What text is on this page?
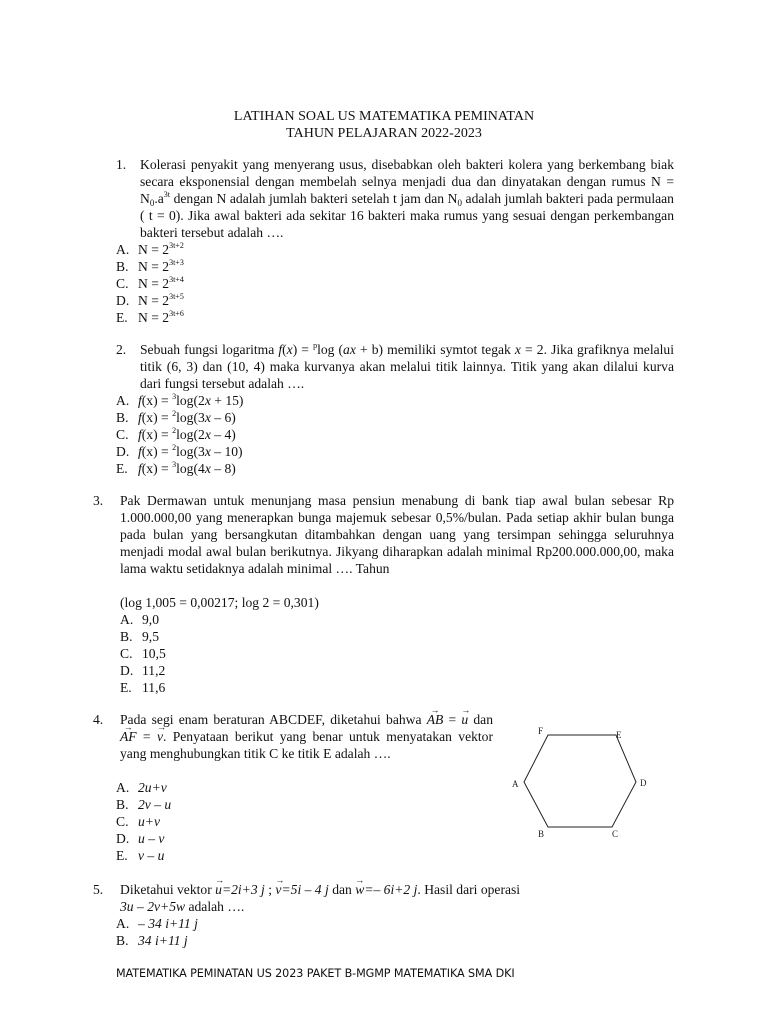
LATIHAN SOAL US MATEMATIKA PEMINATAN
TAHUN PELAJARAN 2022-2023
1. Kolerasi penyakit yang menyerang usus, disebabkan oleh bakteri kolera yang berkembang biak secara eksponensial dengan membelah selnya menjadi dua dan dinyatakan dengan rumus $N = N_0.a^{3t}$ dengan N adalah jumlah bakteri setelah t jam dan $N_0$ adalah jumlah bakteri pada permulaan ( t = 0). Jika awal bakteri ada sekitar 16 bakteri maka rumus yang sesuai dengan perkembangan bakteri tersebut adalah ….
A. $N = 2^{3t+2}$
B. $N = 2^{3t+3}$
C. $N = 2^{3t+4}$
D. $N = 2^{3t+5}$
E. $N = 2^{3t+6}$
2. Sebuah fungsi logaritma f(x) = $^p$log (ax + b) memiliki symtot tegak x = 2. Jika grafiknya melalui titik (6, 3) dan (10, 4) maka kurvanya akan melalui titik lainnya. Titik yang akan dilalui kurva dari fungsi tersebut adalah ….
A. f(x) = $^3$log(2x + 15)
B. f(x) = $^2$log(3x – 6)
C. f(x) = $^2$log(2x – 4)
D. f(x) = $^2$log(3x – 10)
E. f(x) = $^3$log(4x – 8)
3. Pak Dermawan untuk menunjang masa pensiun menabung di bank tiap awal bulan sebesar Rp 1.000.000,00 yang menerapkan bunga majemuk sebesar 0,5%/bulan. Pada setiap akhir bulan bunga pada bulan yang bersangkutan ditambahkan dengan uang yang tersimpan sehingga seluruhnya menjadi modal awal bulan berikutnya. Jikyang diharapkan adalah minimal Rp200.000.000,00, maka lama waktu setidaknya adalah minimal …. Tahun
(log 1,005 = 0,00217; log 2 = 0,301)
A. 9,0
B. 9,5
C. 10,5
D. 11,2
E. 11,6
4. Pada segi enam beraturan ABCDEF, diketahui bahwa → AB = → u dan → AF = → v. Penyataan berikut yang benar untuk menyatakan vektor yang menghubungkan titik C ke titik E adalah ….
A. 2u+v
B. 2v – u
C. u+v
D. u – v
E. v – u
F	E
D
C
B
A
5. Diketahui vektor → u=2i+3 j ; → v=5i – 4 j dan → w=– 6i+2 j. Hasil dari operasi
3u – 2v+5w adalah ….
A. – 34 i+11 j
B. 34 i+11 j
MATEMATIKA PEMINATAN US 2023 PAKET B-MGMP MATEMATIKA SMA DKI
